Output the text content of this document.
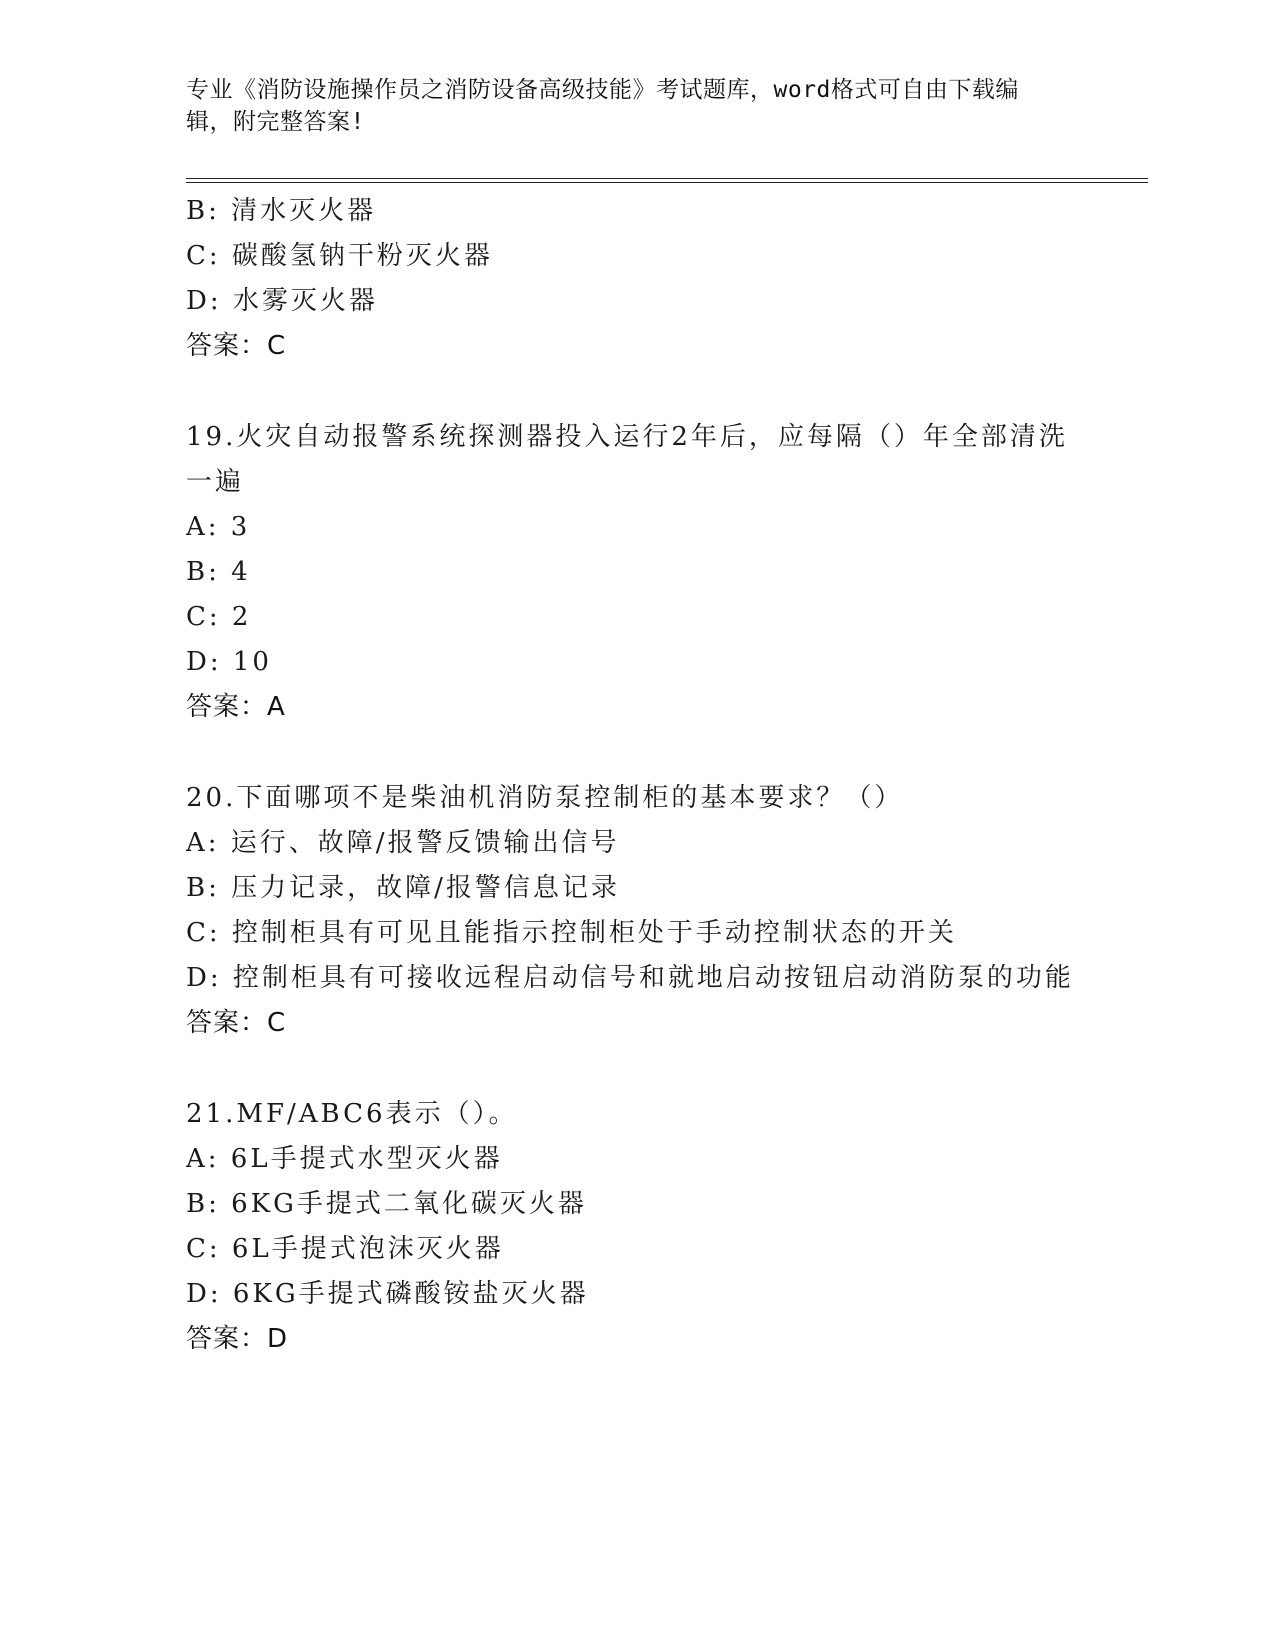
专业《消防设施操作员之消防设备高级技能》考试题库，word格式可自由下载编
辑，附完整答案!
B: 清水灭火器
C: 碳酸氢钠干粉灭火器
D: 水雾灭火器
答案：C
19.火灾自动报警系统探测器投入运行2年后，应每隔（）年全部清洗
一遍
A: 3
B: 4
C: 2
D: 10
答案：A
20.下面哪项不是柴油机消防泵控制柜的基本要求？（）
A: 运行、故障/报警反馈输出信号
B: 压力记录，故障/报警信息记录
C: 控制柜具有可见且能指示控制柜处于手动控制状态的开关
D: 控制柜具有可接收远程启动信号和就地启动按钮启动消防泵的功能
答案：C
21.MF/ABC6表示（）。
A: 6L手提式水型灭火器
B: 6KG手提式二氧化碳灭火器
C: 6L手提式泡沫灭火器
D: 6KG手提式磷酸铵盐灭火器
答案：D
